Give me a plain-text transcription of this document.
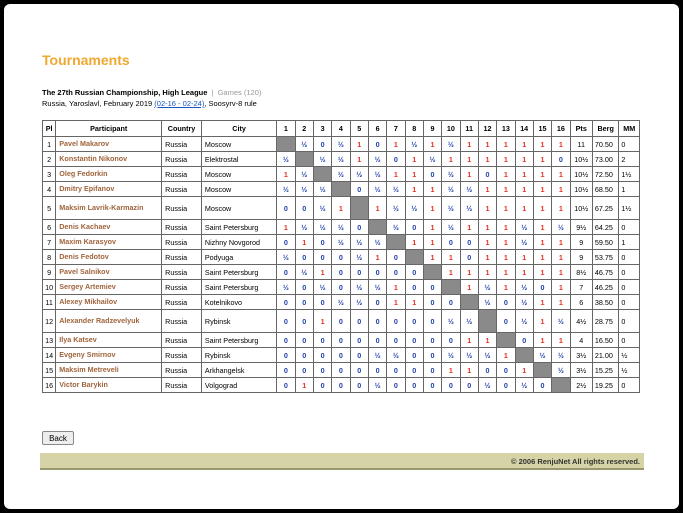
Tournaments
The 27th Russian Championship, High League | Games (120)
Russia, Yaroslavl, February 2019 (02-16 - 02-24), Soosyrv-8 rule
Pl	Participant	Country	City	1	2	3	4	5	6	7	8	9	10	11	12	13	14	15	16	Pts	Berg	MM
1	Pavel Makarov	Russia	Moscow		½	0	½	1	0	1	½	1	½	1	1	1	1	1	1	11	70.50	0
2	Konstantin Nikonov	Russia	Elektrostal	½		½	½	1	½	0	1	½	1	1	1	1	1	1	0	10½	73.00	2
3	Oleg Fedorkin	Russia	Moscow	1	½		½	½	½	1	1	0	½	1	0	1	1	1	1	10½	72.50	1½
4	Dmitry Epifanov	Russia	Moscow	½	½	½		0	½	½	1	1	½	½	1	1	1	1	1	10½	68.50	1
5	Maksim Lavrik-Karmazin	Russia	Moscow	0	0	½	1		1	½	½	1	½	½	1	1	1	1	1	10½	67.25	1½
6	Denis Kachaev	Russia	Saint Petersburg	1	½	½	½	0		½	0	1	½	1	1	1	½	1	½	9½	64.25	0
7	Maxim Karasyov	Russia	Nizhny Novgorod	0	1	0	½	½	½		1	1	0	0	1	1	½	1	1	9	59.50	1
8	Denis Fedotov	Russia	Podyuga	½	0	0	0	½	1	0		1	1	0	1	1	1	1	1	9	53.75	0
9	Pavel Salnikov	Russia	Saint Petersburg	0	½	1	0	0	0	0	0		1	1	1	1	1	1	1	8½	46.75	0
10	Sergey Artemiev	Russia	Saint Petersburg	½	0	½	0	½	½	1	0	0		1	½	1	½	0	1	7	46.25	0
11	Alexey Mikhailov	Russia	Kotelnikovo	0	0	0	½	½	0	1	1	0	0		½	0	½	1	1	6	38.50	0
12	Alexander Radzevelyuk	Russia	Rybinsk	0	0	1	0	0	0	0	0	0	½	½		0	½	1	½	4½	28.75	0
13	Ilya Katsev	Russia	Saint Petersburg	0	0	0	0	0	0	0	0	0	0	1	1		0	1	1	4	16.50	0
14	Evgeny Smirnov	Russia	Rybinsk	0	0	0	0	0	½	½	0	0	½	½	½	1		½	½	3½	21.00	½
15	Maksim Metreveli	Russia	Arkhangelsk	0	0	0	0	0	0	0	0	0	1	1	0	0	1		½	3½	15.25	½
16	Victor Barykin	Russia	Volgograd	0	1	0	0	0	½	0	0	0	0	0	½	0	½	0		2½	19.25	0
Back
© 2006 RenjuNet All rights reserved.
